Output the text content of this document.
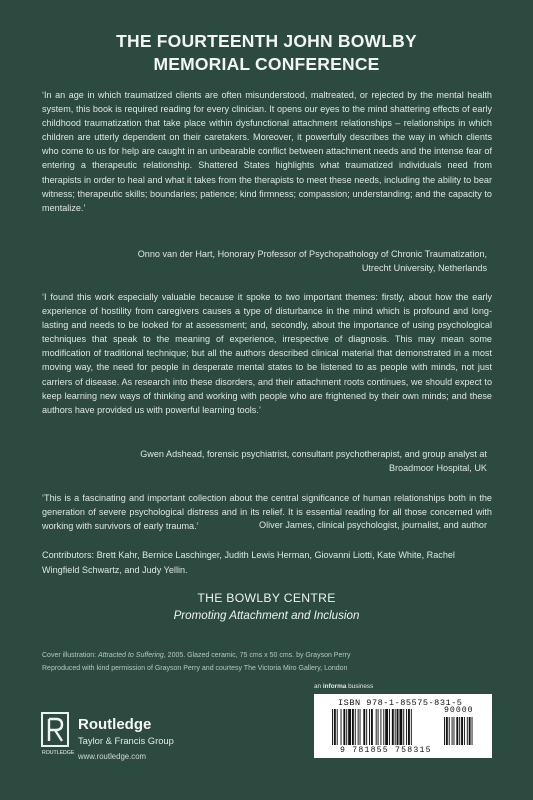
THE FOURTEENTH JOHN BOWLBY
MEMORIAL CONFERENCE

‘In an age in which traumatized clients are often misunderstood, maltreated, or rejected by the mental health system, this book is required reading for every clinician. It opens our eyes to the mind shattering effects of early childhood traumatization that take place within dysfunctional attachment relationships – relationships in which children are utterly dependent on their caretakers. Moreover, it powerfully describes the way in which clients who come to us for help are caught in an unbearable conflict between attachment needs and the intense fear of entering a therapeutic relationship. Shattered States highlights what traumatized individuals need from therapists in order to heal and what it takes from the therapists to meet these needs, including the ability to bear witness; therapeutic skills; boundaries; patience; kind firmness; compassion; understanding; and the capacity to mentalize.’

Onno van der Hart, Honorary Professor of Psychopathology of Chronic Traumatization,
Utrecht University, Netherlands

‘I found this work especially valuable because it spoke to two important themes: firstly, about how the early experience of hostility from caregivers causes a type of disturbance in the mind which is profound and long-lasting and needs to be looked for at assessment; and, secondly, about the importance of using psychological techniques that speak to the meaning of experience, irrespective of diagnosis. This may mean some modification of traditional technique; but all the authors described clinical material that demonstrated in a most moving way, the need for people in desperate mental states to be listened to as people with minds, not just carriers of disease. As research into these disorders, and their attachment roots continues, we should expect to keep learning new ways of thinking and working with people who are frightened by their own minds; and these authors have provided us with powerful learning tools.’

Gwen Adshead, forensic psychiatrist, consultant psychotherapist, and group analyst at
Broadmoor Hospital, UK

‘This is a fascinating and important collection about the central significance of human relationships both in the generation of severe psychological distress and in its relief. It is essential reading for all those concerned with working with survivors of early trauma.’	Oliver James, clinical psychologist, journalist, and author

Contributors: Brett Kahr, Bernice Laschinger, Judith Lewis Herman, Giovanni Liotti, Kate White, Rachel Wingfield Schwartz, and Judy Yellin.

THE BOWLBY CENTRE
Promoting Attachment and Inclusion
Cover illustration: Attracted to Suffering, 2005. Glazed ceramic, 75 cms x 50 cms. by Grayson Perry
Reproduced with kind permission of Grayson Perry and courtesy The Victoria Miro Gallery, London
an informa business
ISBN 978-1-85575-831-5
90000
9 781855 758315
ROUTLEDGE
Routledge
Taylor & Francis Group
www.routledge.com
